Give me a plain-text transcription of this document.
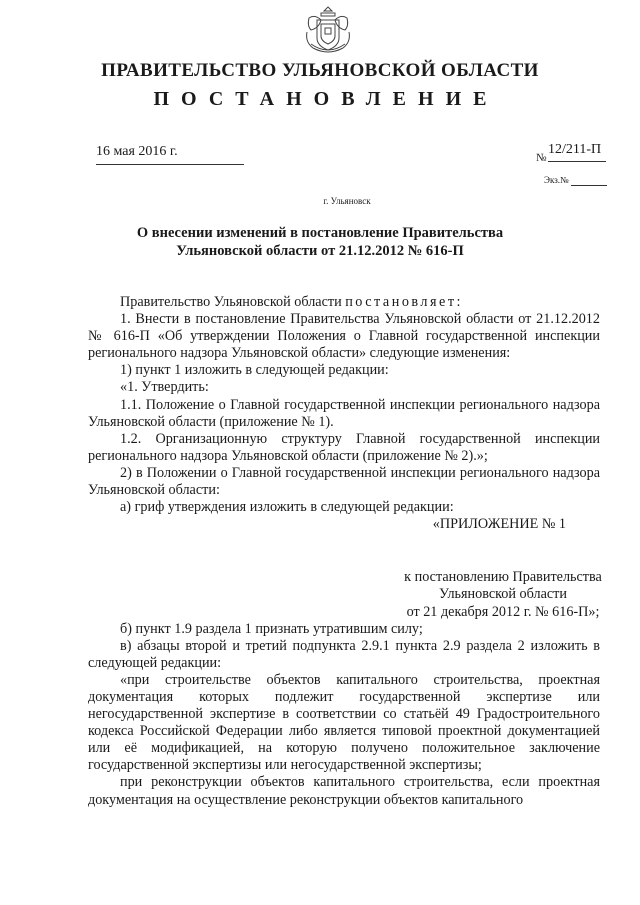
ПРАВИТЕЛЬСТВО УЛЬЯНОВСКОЙ ОБЛАСТИ
ПОСТАНОВЛЕНИЕ
16 мая 2016 г.	№
12/211-П
Экз.№
г. Ульяновск
О внесении изменений в постановление Правительства
Ульяновской области от 21.12.2012 № 616-П

Правительство Ульяновской области постановляет:

1. Внести в постановление Правительства Ульяновской области от 21.12.2012 № 616-П «Об утверждении Положения о Главной государственной инспекции регионального надзора Ульяновской области» следующие изменения:

1) пункт 1 изложить в следующей редакции:

«1. Утвердить:

1.1. Положение о Главной государственной инспекции регионального надзора Ульяновской области (приложение № 1).

1.2. Организационную структуру Главной государственной инспекции регионального надзора Ульяновской области (приложение № 2).»;

2) в Положении о Главной государственной инспекции регионального надзора Ульяновской области:

а) гриф утверждения изложить в следующей редакции:

«ПРИЛОЖЕНИЕ № 1

к постановлению Правительства
Ульяновской области
от 21 декабря 2012 г. № 616-П»;

б) пункт 1.9 раздела 1 признать утратившим силу;

в) абзацы второй и третий подпункта 2.9.1 пункта 2.9 раздела 2 изложить в следующей редакции:

«при строительстве объектов капитального строительства, проектная документация которых подлежит государственной экспертизе или негосударственной экспертизе в соответствии со статьёй 49 Градостроительного кодекса Российской Федерации либо является типовой проектной документацией или её модификацией, на которую получено положительное заключение государственной экспертизы или негосударственной экспертизы;

при реконструкции объектов капитального строительства, если проектная документация на осуществление реконструкции объектов капитального
